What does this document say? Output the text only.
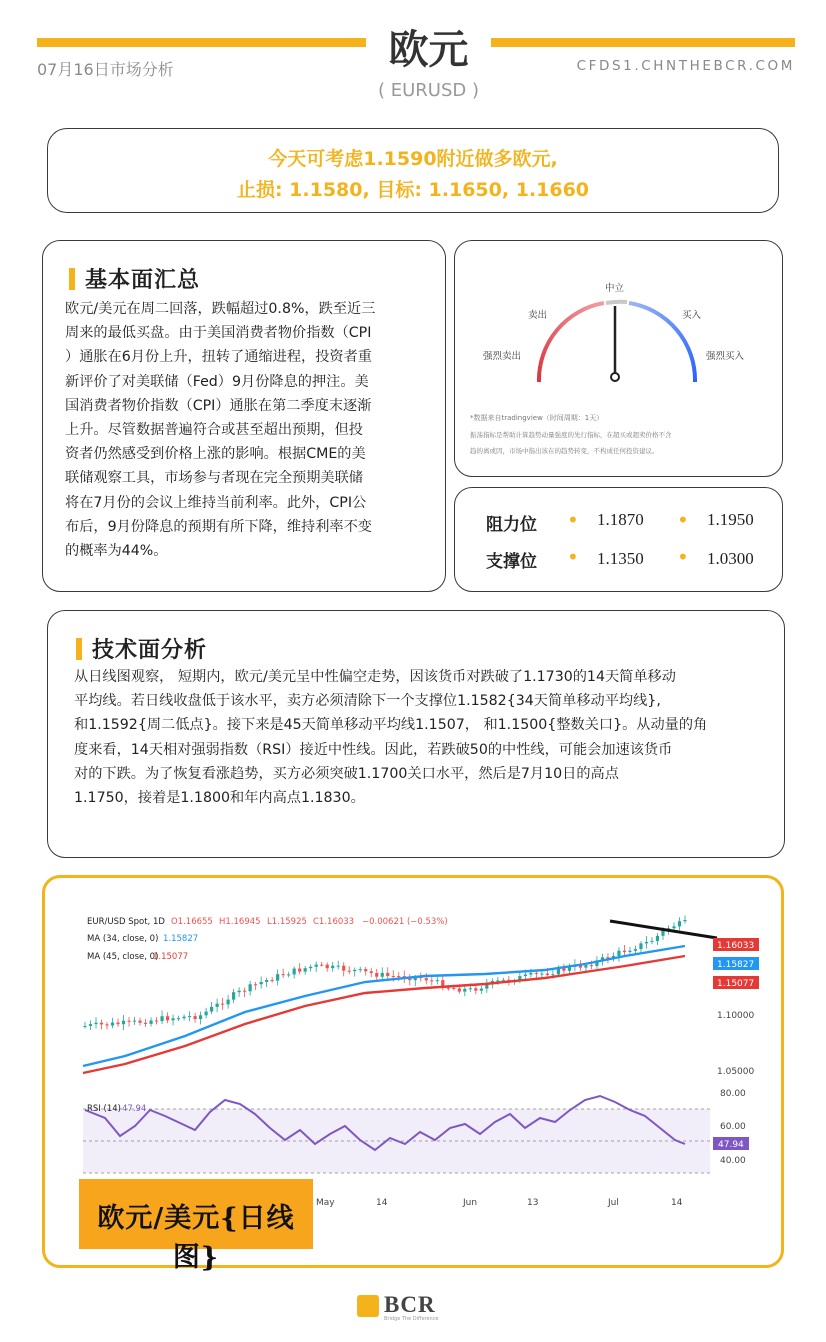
07月16日市场分析	欧元
( EURUSD )
CFDS1.CHNTHEBCR.COM
今天可考虑1.1590附近做多欧元,
止损: 1.1580, 目标: 1.1650, 1.1660
基本面汇总
欧元/美元在周二回落，跌幅超过0.8%，跌至近三
周来的最低买盘。由于美国消费者物价指数（CPI
）通胀在6月份上升，扭转了通缩进程，投资者重
新评价了对美联储（Fed）9月份降息的押注。美
国消费者物价指数（CPI）通胀在第二季度末逐渐
上升。尽管数据普遍符合或甚至超出预期，但投
资者仍然感受到价格上涨的影响。根据CME的美
联储观察工具，市场参与者现在完全预期美联储
将在7月份的会议上维持当前利率。此外，CPI公
布后，9月份降息的预期有所下降，维持利率不变
的概率为44%。
强烈卖出
卖出
中立
买入
强烈买入
*数据来自tradingview（时间周期：1天）
振荡指标是帮助计算趋势动量强度的先行指标，在超买或超卖价格不含
趋的离或因，市场中指出该在的趋势转变，不构成任何投资建议。
阻力位 • 1.1870 • 1.1950
支撑位 • 1.1350 • 1.0300
技术面分析
从日线图观察， 短期内，欧元/美元呈中性偏空走势，因该货币对跌破了1.1730的14天简单移动
平均线。若日线收盘低于该水平，卖方必须清除下一个支撑位1.1582{34天简单移动平均线},
和1.1592{周二低点}。接下来是45天简单移动平均线1.1507， 和1.1500{整数关口}。从动量的角
度来看，14天相对强弱指数（RSI）接近中性线。因此，若跌破50的中性线，可能会加速该货币
对的下跌。为了恢复看涨趋势，买方必须突破1.1700关口水平，然后是7月10日的高点
1.1750，接着是1.1800和年内高点1.1830。
EUR/USD Spot, 1D O1.16655 H1.16945 L1.15925 C1.16033 −0.00621 (−0.53%)
MA (34, close, 0) 1.15827
MA (45, close, 0)
1.15077
1.16033
1.15827
1.15077
1.10000
1.05000
RSI (14) 47.94
80.00
60.00
47.94
40.00
May	14	Jun	13	Jul	14
欧元/美元{日线图}
BCR
Bridge The Difference
